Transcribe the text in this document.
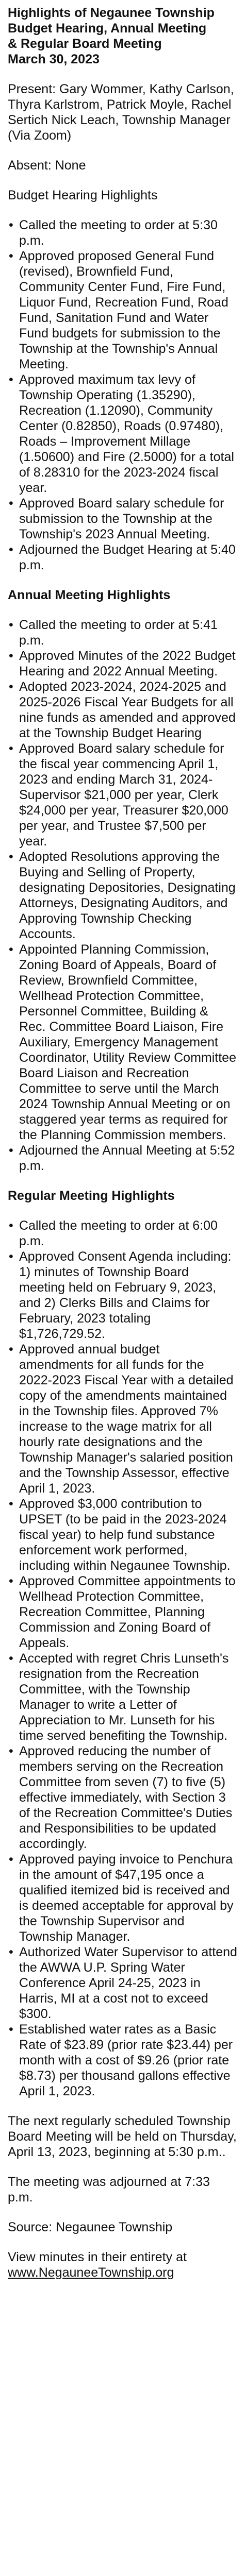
Highlights of Negaunee Township
Budget Hearing, Annual Meeting
& Regular Board Meeting
March 30, 2023

Present: Gary Wommer, Kathy Carlson, Thyra Karlstrom, Patrick Moyle, Rachel Sertich Nick Leach, Township Manager (Via Zoom)

Absent: None

Budget Hearing Highlights
• Called the meeting to order at 5:30 p.m.
• Approved proposed General Fund (revised), Brownfield Fund, Community Center Fund, Fire Fund, Liquor Fund, Recreation Fund, Road Fund, Sanitation Fund and Water Fund budgets for submission to the Township at the Township's Annual Meeting.
• Approved maximum tax levy of Township Operating (1.35290), Recreation (1.12090), Community Center (0.82850), Roads (0.97480), Roads – Improvement Millage (1.50600) and Fire (2.5000) for a total of 8.28310 for the 2023-2024 fiscal year.
• Approved Board salary schedule for submission to the Township at the Township's 2023 Annual Meeting.
• Adjourned the Budget Hearing at 5:40 p.m.
Annual Meeting Highlights
• Called the meeting to order at 5:41 p.m.
• Approved Minutes of the 2022 Budget Hearing and 2022 Annual Meeting.
• Adopted 2023-2024, 2024-2025 and 2025-2026 Fiscal Year Budgets for all nine funds as amended and approved at the Township Budget Hearing
• Approved Board salary schedule for the fiscal year commencing April 1, 2023 and ending March 31, 2024- Supervisor $21,000 per year, Clerk $24,000 per year, Treasurer $20,000 per year, and Trustee $7,500 per year.
• Adopted Resolutions approving the Buying and Selling of Property, designating Depositories, Designating Attorneys, Designating Auditors, and Approving Township Checking Accounts.
• Appointed Planning Commission, Zoning Board of Appeals, Board of Review, Brownfield Committee, Wellhead Protection Committee, Personnel Committee, Building & Rec. Committee Board Liaison, Fire Auxiliary, Emergency Management Coordinator, Utility Review Committee Board Liaison and Recreation Committee to serve until the March 2024 Township Annual Meeting or on staggered year terms as required for the Planning Commission members.
• Adjourned the Annual Meeting at 5:52 p.m.
Regular Meeting Highlights
• Called the meeting to order at 6:00 p.m.
• Approved Consent Agenda including: 1) minutes of Township Board meeting held on February 9, 2023, and 2) Clerks Bills and Claims for February, 2023 totaling $1,726,729.52.
• Approved annual budget amendments for all funds for the 2022-2023 Fiscal Year with a detailed copy of the amendments maintained in the Township files. Approved 7% increase to the wage matrix for all hourly rate designations and the Township Manager's salaried position and the Township Assessor, effective April 1, 2023.
• Approved $3,000 contribution to UPSET (to be paid in the 2023-2024 fiscal year) to help fund substance enforcement work performed, including within Negaunee Township.
• Approved Committee appointments to Wellhead Protection Committee, Recreation Committee, Planning Commission and Zoning Board of Appeals.
• Accepted with regret Chris Lunseth's resignation from the Recreation Committee, with the Township Manager to write a Letter of Appreciation to Mr. Lunseth for his time served benefiting the Township.
• Approved reducing the number of members serving on the Recreation Committee from seven (7) to five (5) effective immediately, with Section 3 of the Recreation Committee's Duties and Responsibilities to be updated accordingly.
• Approved paying invoice to Penchura in the amount of $47,195 once a qualified itemized bid is received and is deemed acceptable for approval by the Township Supervisor and Township Manager.
• Authorized Water Supervisor to attend the AWWA U.P. Spring Water Conference April 24-25, 2023 in Harris, MI at a cost not to exceed $300.
• Established water rates as a Basic Rate of $23.89 (prior rate $23.44) per month with a cost of $9.26 (prior rate $8.73) per thousand gallons effective April 1, 2023.

The next regularly scheduled Township Board Meeting will be held on Thursday, April 13, 2023, beginning at 5:30 p.m..

The meeting was adjourned at 7:33 p.m.

Source: Negaunee Township

View minutes in their entirety at
www.NegauneeTownship.org
